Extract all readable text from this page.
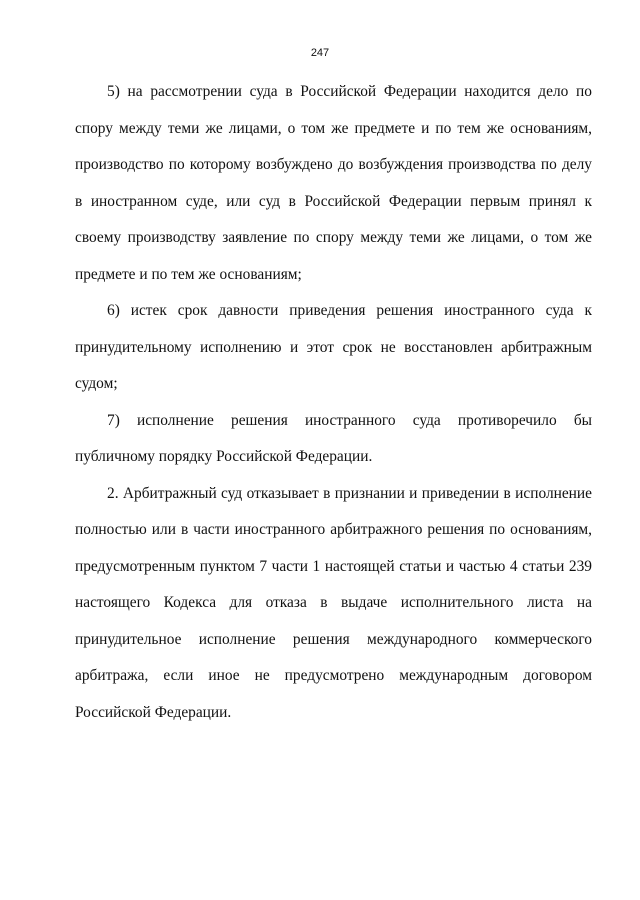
247

5) на рассмотрении суда в Российской Федерации находится дело по спору между теми же лицами, о том же предмете и по тем же основаниям, производство по которому возбуждено до возбуждения производства по делу в иностранном суде, или суд в Российской Федерации первым принял к своему производству заявление по спору между теми же лицами, о том же предмете и по тем же основаниям;

6) истек срок давности приведения решения иностранного суда к принудительному исполнению и этот срок не восстановлен арбитражным судом;

7) исполнение решения иностранного суда противоречило бы публичному порядку Российской Федерации.

2. Арбитражный суд отказывает в признании и приведении в исполнение полностью или в части иностранного арбитражного решения по основаниям, предусмотренным пунктом 7 части 1 настоящей статьи и частью 4 статьи 239 настоящего Кодекса для отказа в выдаче исполнительного листа на принудительное исполнение решения международного коммерческого арбитража, если иное не предусмотрено международным договором Российской Федерации.
